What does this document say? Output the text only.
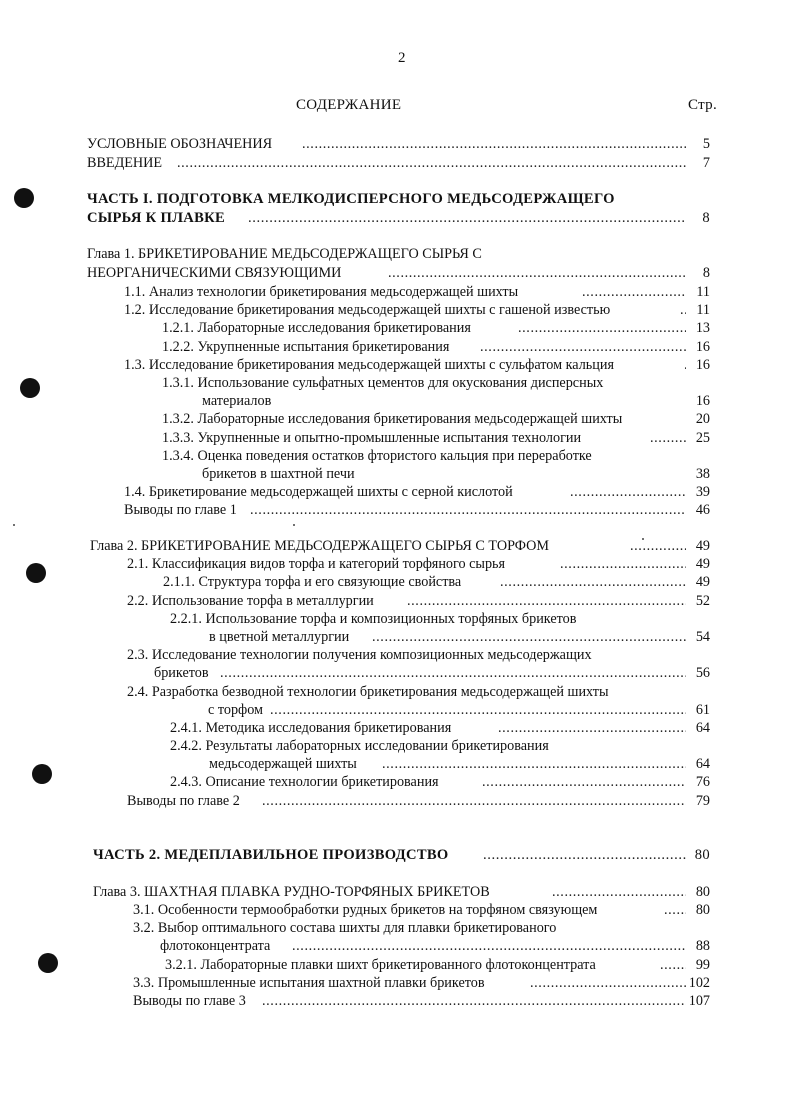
2
СОДЕРЖАНИЕ	Стр.
УСЛОВНЫЕ ОБОЗНАЧЕНИЯ .....	5
ВВЕДЕНИЕ .....	7
ЧАСТЬ I. ПОДГОТОВКА МЕЛКОДИСПЕРСНОГО МЕДЬСОДЕРЖАЩЕГО
СЫРЬЯ К ПЛАВКЕ .....	8
Глава 1. БРИКЕТИРОВАНИЕ МЕДЬСОДЕРЖАЩЕГО СЫРЬЯ С
НЕОРГАНИЧЕСКИМИ СВЯЗУЮЩИМИ .....	8
1.1. Анализ технологии брикетирования медьсодержащей шихты .....	11
1.2. Исследование брикетирования медьсодержащей шихты с гашеной известью .....	11
1.2.1. Лабораторные исследования брикетирования .....	13
1.2.2. Укрупненные испытания брикетирования .....	16
1.3. Исследование брикетирования медьсодержащей шихты с сульфатом кальция .....	16
1.3.1. Использование сульфатных цементов для окускования дисперсных
материалов	16
1.3.2. Лабораторные исследования брикетирования медьсодержащей шихты	20
1.3.3. Укрупненные и опытно-промышленные испытания технологии .....	25
1.3.4. Оценка поведения остатков фтористого кальция при переработке
брикетов в шахтной печи	38
1.4. Брикетирование медьсодержащей шихты с серной кислотой .....	39
Выводы по главе 1 .....	46
Глава 2. БРИКЕТИРОВАНИЕ МЕДЬСОДЕРЖАЩЕГО СЫРЬЯ С ТОРФОМ .....	49
2.1. Классификация видов торфа и категорий торфяного сырья .....	49
2.1.1. Структура торфа и его связующие свойства .....	49
2.2. Использование торфа в металлургии .....	52
2.2.1. Использование торфа и композиционных торфяных брикетов
в цветной металлургии .....	54
2.3. Исследование технологии получения композиционных медьсодержащих
брикетов .....	56
2.4. Разработка безводной технологии брикетирования медьсодержащей шихты
с торфом .....	61
2.4.1. Методика исследования брикетирования .....	64
2.4.2. Результаты лабораторных исследовании брикетирования
медьсодержащей шихты .....	64
2.4.3. Описание технологии брикетирования .....	76
Выводы по главе 2 .....	79
ЧАСТЬ 2. МЕДЕПЛАВИЛЬНОЕ ПРОИЗВОДСТВО .....	80
Глава 3. ШАХТНАЯ ПЛАВКА РУДНО-ТОРФЯНЫХ БРИКЕТОВ .....	80
3.1. Особенности термообработки рудных брикетов на торфяном связующем .....	80
3.2. Выбор оптимального состава шихты для плавки брикетированого
флотоконцентрата .....	88
3.2.1. Лабораторные плавки шихт брикетированного флотоконцентрата .....	99
3.3. Промышленные испытания шахтной плавки брикетов .....	102
Выводы по главе 3 .....	107
